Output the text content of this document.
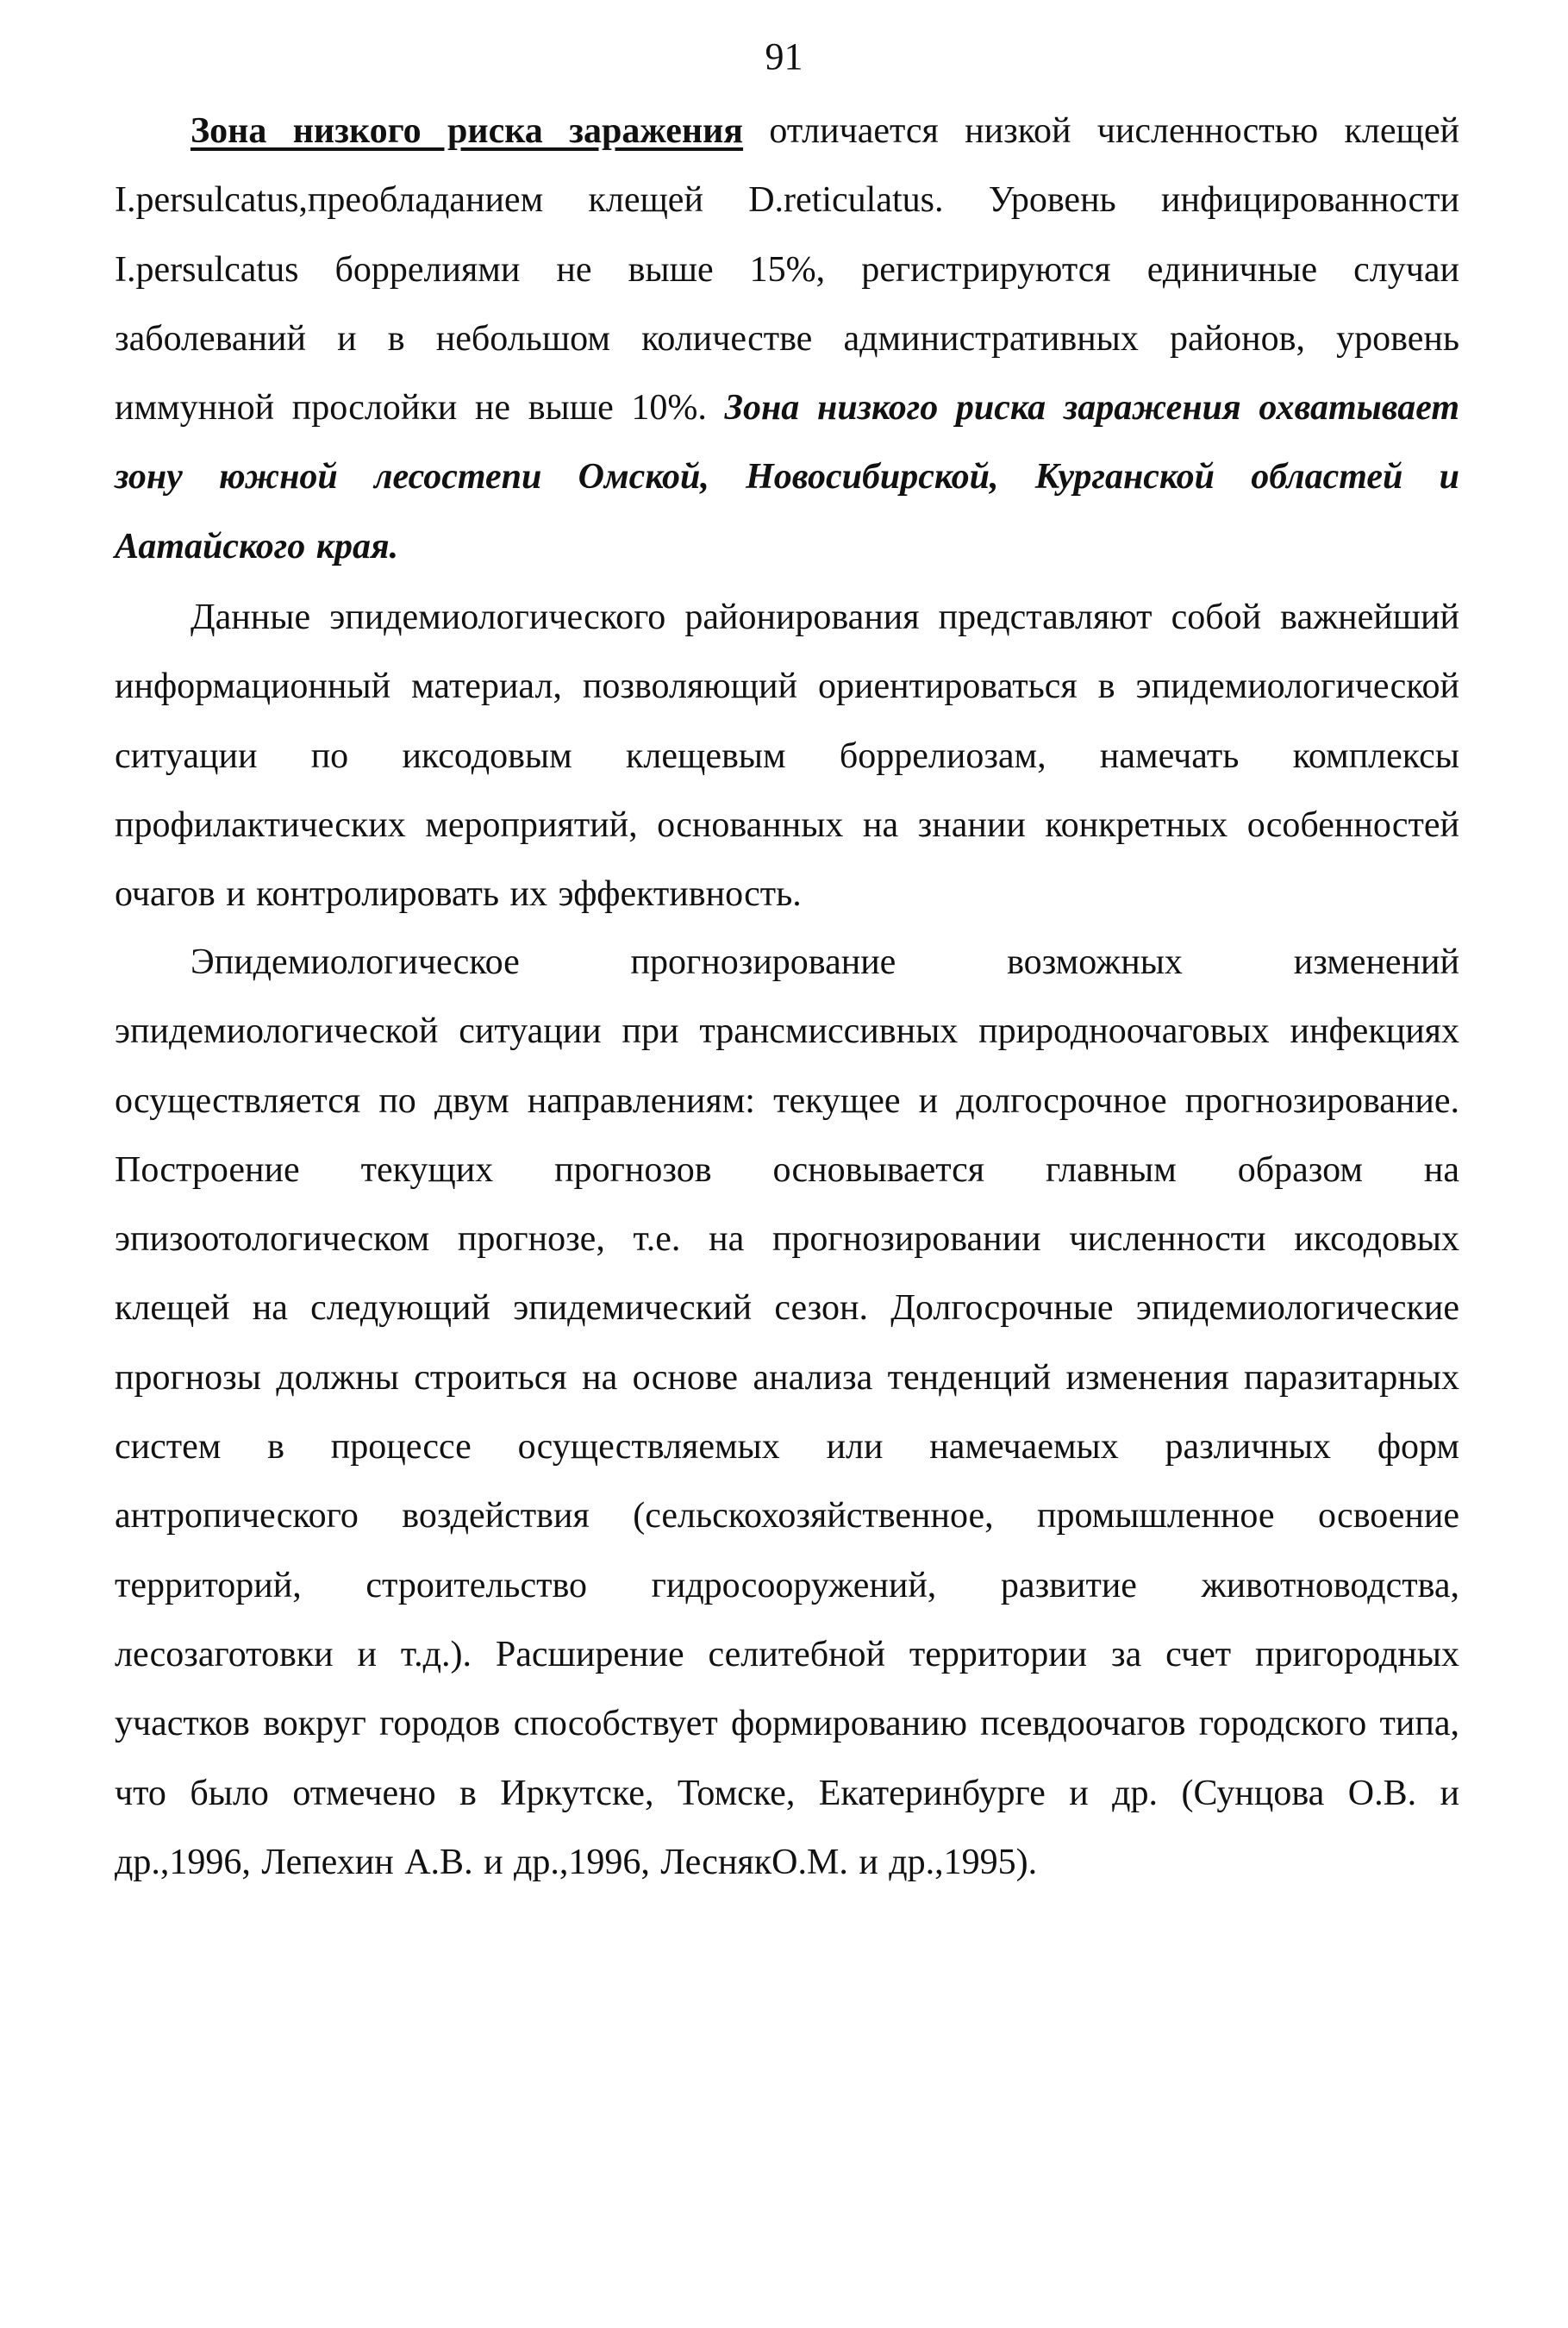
91

Зона низкого риска заражения отличается низкой численностью клещей I.persulcatus,преобладанием клещей D.reticulatus. Уровень инфицированности I.persulcatus боррелиями не выше 15%, регистрируются единичные случаи заболеваний и в небольшом количестве административных районов, уровень иммунной прослойки не выше 10%. Зона низкого риска заражения охватывает зону южной лесостепи Омской, Новосибирской, Курганской областей и Аатайского края.

Данные эпидемиологического районирования представляют собой важнейший информационный материал, позволяющий ориентироваться в эпидемиологической ситуации по иксодовым клещевым боррелиозам, намечать комплексы профилактических мероприятий, основанных на знании конкретных особенностей очагов и контролировать их эффективность.

Эпидемиологическое прогнозирование возможных изменений эпидемиологической ситуации при трансмиссивных природноочаговых инфекциях осуществляется по двум направлениям: текущее и долгосрочное прогнозирование. Построение текущих прогнозов основывается главным образом на эпизоотологическом прогнозе, т.е. на прогнозировании численности иксодовых клещей на следующий эпидемический сезон. Долгосрочные эпидемиологические прогнозы должны строиться на основе анализа тенденций изменения паразитарных систем в процессе осуществляемых или намечаемых различных форм антропического воздействия (сельскохозяйственное, промышленное освоение территорий, строительство гидросооружений, развитие животноводства, лесозаготовки и т.д.). Расширение селитебной территории за счет пригородных участков вокруг городов способствует формированию псевдоочагов городского типа, что было отмечено в Иркутске, Томске, Екатеринбурге и др. (Сунцова О.В. и др.,1996, Лепехин А.В. и др.,1996, ЛеснякО.М. и др.,1995).
